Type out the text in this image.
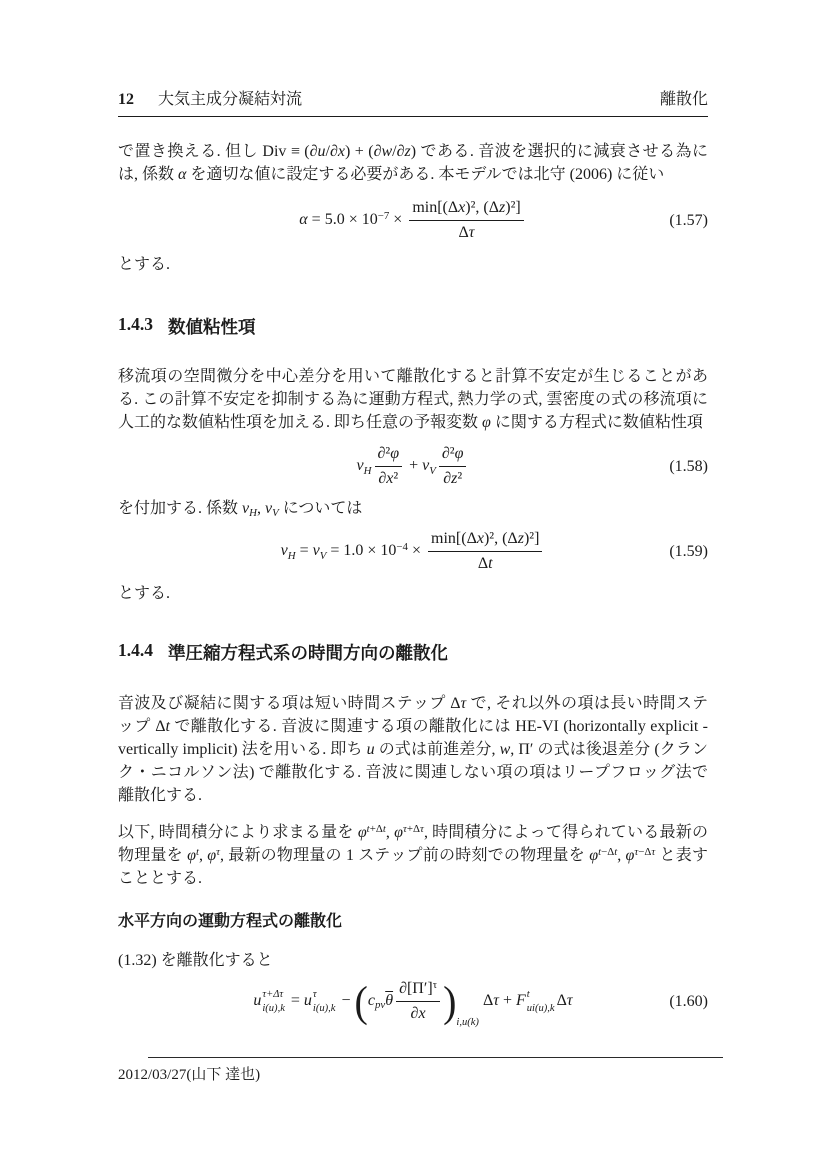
12 大気主成分凝結対流	離散化

で置き換える. 但し Div ≡ (∂u/∂x) + (∂w/∂z) である. 音波を選択的に減衰させる為には, 係数 α を適切な値に設定する必要がある. 本モデルでは北守 (2006) に従い

$\alpha = 5.0 \times 10^{-7}$ ×
min[(Δx)², (Δz)²]
Δτ
(1.57)

とする.

1.4.3 数値粘性項

移流項の空間微分を中心差分を用いて離散化すると計算不安定が生じることがある. この計算不安定を抑制する為に運動方程式, 熱力学の式, 雲密度の式の移流項に人工的な数値粘性項を加える. 即ち任意の予報変数 φ に関する方程式に数値粘性項

$\nu_H \frac{\text{∂²φ}}{\text{∂x²}} + \nu_V \frac{\text{∂²φ}}{\text{∂z²}}$	(1.58)

を付加する. 係数 $\nu_H$, $\nu_V$ については

$\nu_H = \nu_V = 1.0 \times 10^{-4}$ ×
min[(Δx)², (Δz)²]
Δt
(1.59)

とする.

1.4.4 準圧縮方程式系の時間方向の離散化

音波及び凝結に関する項は短い時間ステップ Δτ で, それ以外の項は長い時間ステップ Δt で離散化する. 音波に関連する項の離散化には HE-VI (horizontally explicit - vertically implicit) 法を用いる. 即ち u の式は前進差分, w, Π′ の式は後退差分 (クランク・ニコルソン法) で離散化する. 音波に関連しない項の項はリープフロッグ法で離散化する.

以下, 時間積分により求まる量を $\varphi^{t+\Delta t}$, $\varphi^{\tau+\Delta\tau}$, 時間積分によって得られている最新の物理量を $\varphi^t$, $\varphi^\tau$, 最新の物理量の 1 ステップ前の時刻での物理量を $\varphi^{t-\Delta t}$, $\varphi^{\tau-\Delta\tau}$ と表すこととする.

水平方向の運動方程式の離散化

(1.32) を離散化すると

u τ+Δτ
i(u),k = u τ
i(u),k − ( c pv $\overline{\theta}$
$\partial[\Pi']^\tau$
∂x ) $_{i,u(k)}$ Δτ + F t
ui(u),k Δτ	(1.60)
2012/03/27(山下 達也)
